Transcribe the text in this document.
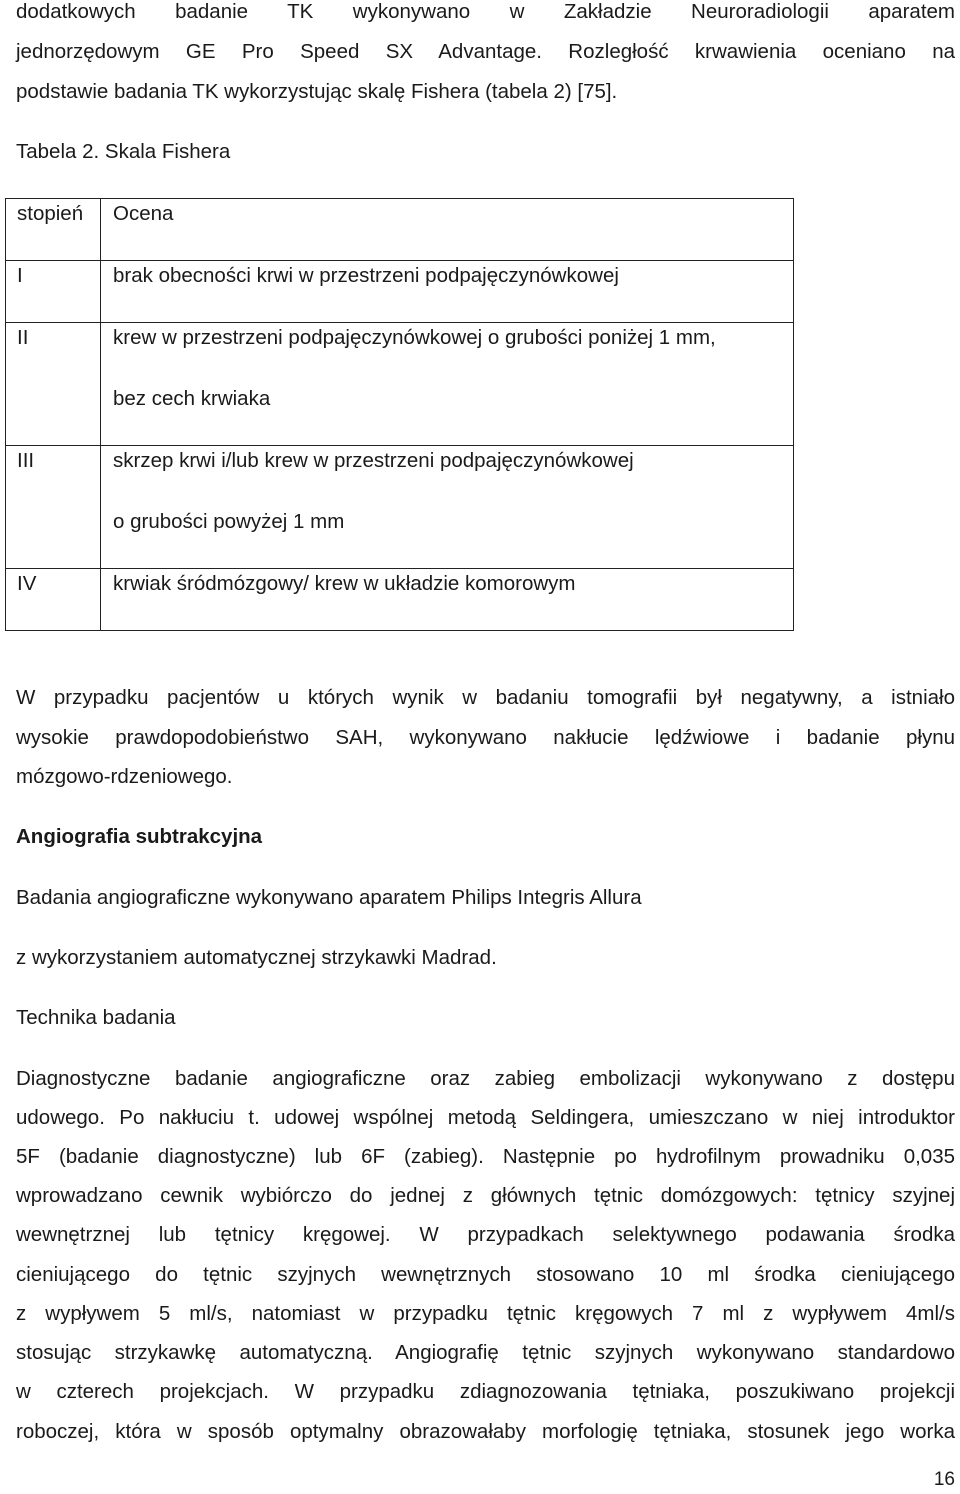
dodatkowych badanie TK wykonywano w Zakładzie Neuroradiologii aparatem
jednorzędowym GE Pro Speed SX Advantage. Rozległość krwawienia oceniano na
podstawie badania TK wykorzystując skalę Fishera (tabela 2) [75].
Tabela 2. Skala Fishera
stopień	Ocena

I	brak obecności krwi w przestrzeni podpajęczynówkowej

II	krew w przestrzeni podpajęczynówkowej o grubości poniżej 1 mm,
bez cech krwiaka

III	skrzep krwi i/lub krew w przestrzeni podpajęczynówkowej
o grubości powyżej 1 mm

IV	krwiak śródmózgowy/ krew w układzie komorowym
W przypadku pacjentów u których wynik w badaniu tomografii był negatywny, a istniało
wysokie prawdopodobieństwo SAH, wykonywano nakłucie lędźwiowe i badanie płynu
mózgowo-rdzeniowego.
Angiografia subtrakcyjna
Badania angiograficzne wykonywano aparatem Philips Integris Allura
z wykorzystaniem automatycznej strzykawki Madrad.
Technika badania
Diagnostyczne badanie angiograficzne oraz zabieg embolizacji wykonywano z dostępu
udowego. Po nakłuciu t. udowej wspólnej metodą Seldingera, umieszczano w niej introduktor
5F (badanie diagnostyczne) lub 6F (zabieg). Następnie po hydrofilnym prowadniku 0,035
wprowadzano cewnik wybiórczo do jednej z głównych tętnic domózgowych: tętnicy szyjnej
wewnętrznej lub tętnicy kręgowej. W przypadkach selektywnego podawania środka
cieniującego do tętnic szyjnych wewnętrznych stosowano 10 ml środka cieniującego
z wypływem 5 ml/s, natomiast w przypadku tętnic kręgowych 7 ml z wypływem 4ml/s
stosując strzykawkę automatyczną. Angiografię tętnic szyjnych wykonywano standardowo
w czterech projekcjach. W przypadku zdiagnozowania tętniaka, poszukiwano projekcji
roboczej, która w sposób optymalny obrazowałaby morfologię tętniaka, stosunek jego worka
16
